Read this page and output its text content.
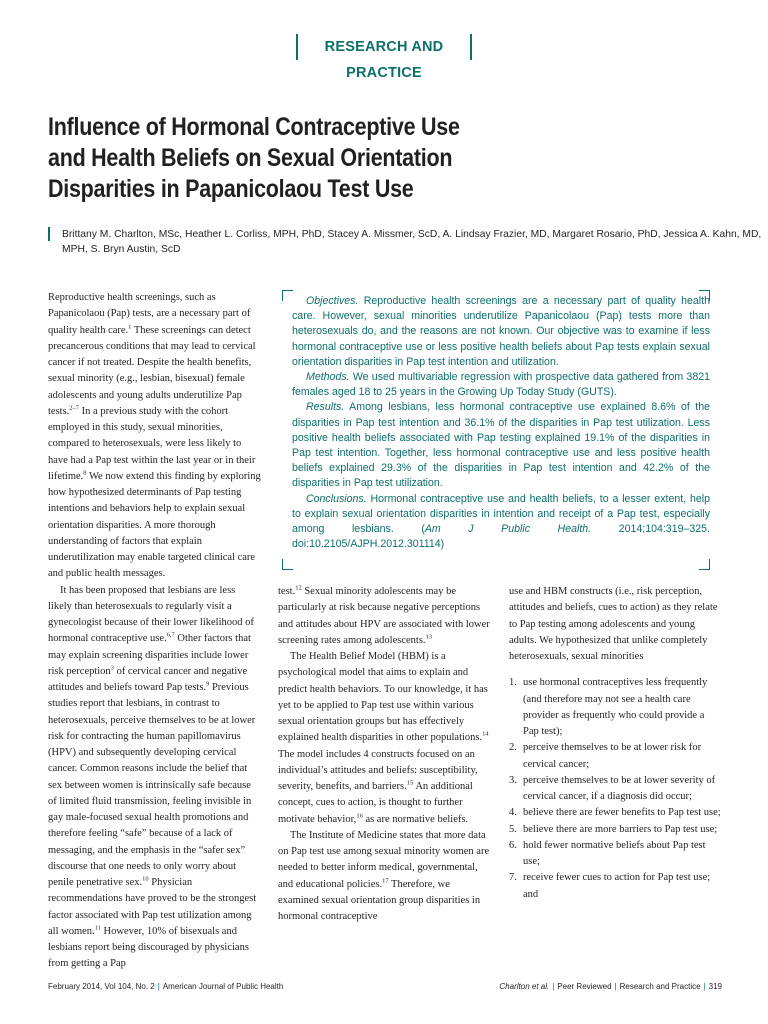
RESEARCH AND PRACTICE
Influence of Hormonal Contraceptive Use and Health Beliefs on Sexual Orientation Disparities in Papanicolaou Test Use
Brittany M. Charlton, MSc, Heather L. Corliss, MPH, PhD, Stacey A. Missmer, ScD, A. Lindsay Frazier, MD, Margaret Rosario, PhD, Jessica A. Kahn, MD, MPH, S. Bryn Austin, ScD

Reproductive health screenings, such as Papanicolaou (Pap) tests, are a necessary part of quality health care.$^1$ These screenings can detect precancerous conditions that may lead to cervical cancer if not treated. Despite the health benefits, sexual minority (e.g., lesbian, bisexual) female adolescents and young adults underutilize Pap tests.$^{2-7}$ In a previous study with the cohort employed in this study, sexual minorities, compared to heterosexuals, were less likely to have had a Pap test within the last year or in their lifetime.$^8$ We now extend this finding by exploring how hypothesized determinants of Pap testing intentions and behaviors help to explain sexual orientation disparities. A more thorough understanding of factors that explain underutilization may enable targeted clinical care and public health messages.

It has been proposed that lesbians are less likely than heterosexuals to regularly visit a gynecologist because of their lower likelihood of hormonal contraceptive use.$^{6,7}$ Other factors that may explain screening disparities include lower risk perception$^3$ of cervical cancer and negative attitudes and beliefs toward Pap tests.$^9$ Previous studies report that lesbians, in contrast to heterosexuals, perceive themselves to be at lower risk for contracting the human papillomavirus (HPV) and subsequently developing cervical cancer. Common reasons include the belief that sex between women is intrinsically safe because of limited fluid transmission, feeling invisible in gay male-focused sexual health promotions and therefore feeling “safe” because of a lack of messaging, and the emphasis in the “safer sex” discourse that one needs to only worry about penile penetrative sex.$^{10}$ Physician recommendations have proved to be the strongest factor associated with Pap test utilization among all women.$^{11}$ However, 10% of bisexuals and lesbians report being discouraged by physicians from getting a Pap

Objectives. Reproductive health screenings are a necessary part of quality health care. However, sexual minorities underutilize Papanicolaou (Pap) tests more than heterosexuals do, and the reasons are not known. Our objective was to examine if less hormonal contraceptive use or less positive health beliefs about Pap tests explain sexual orientation disparities in Pap test intention and utilization.

Methods. We used multivariable regression with prospective data gathered from 3821 females aged 18 to 25 years in the Growing Up Today Study (GUTS).

Results. Among lesbians, less hormonal contraceptive use explained 8.6% of the disparities in Pap test intention and 36.1% of the disparities in Pap test utilization. Less positive health beliefs associated with Pap testing explained 19.1% of the disparities in Pap test intention. Together, less hormonal contraceptive use and less positive health beliefs explained 29.3% of the disparities in Pap test intention and 42.2% of the disparities in Pap test utilization.

Conclusions. Hormonal contraceptive use and health beliefs, to a lesser extent, help to explain sexual orientation disparities in intention and receipt of a Pap test, especially among lesbians. (Am J Public Health. 2014;104:319–325. doi:10.2105/AJPH.2012.301114)

test.$^{12}$ Sexual minority adolescents may be particularly at risk because negative perceptions and attitudes about HPV are associated with lower screening rates among adolescents.$^{13}$

The Health Belief Model (HBM) is a psychological model that aims to explain and predict health behaviors. To our knowledge, it has yet to be applied to Pap test use within various sexual orientation groups but has effectively explained health disparities in other populations.$^{14}$ The model includes 4 constructs focused on an individual’s attitudes and beliefs: susceptibility, severity, benefits, and barriers.$^{15}$ An additional concept, cues to action, is thought to further motivate behavior,$^{16}$ as are normative beliefs.

The Institute of Medicine states that more data on Pap test use among sexual minority women are needed to better inform medical, governmental, and educational policies.$^{17}$ Therefore, we examined sexual orientation group disparities in hormonal contraceptive

use and HBM constructs (i.e., risk perception, attitudes and beliefs, cues to action) as they relate to Pap testing among adolescents and young adults. We hypothesized that unlike completely heterosexuals, sexual minorities

1. use hormonal contraceptives less frequently (and therefore may not see a health care provider as frequently who could provide a Pap test);
2. perceive themselves to be at lower risk for cervical cancer;
3. perceive themselves to be at lower severity of cervical cancer, if a diagnosis did occur;
4. believe there are fewer benefits to Pap test use;
5. believe there are more barriers to Pap test use;
6. hold fewer normative beliefs about Pap test use;
7. receive fewer cues to action for Pap test use; and
February 2014, Vol 104, No. 2 | American Journal of Public Health	Charlton et al. | Peer Reviewed | Research and Practice | 319
